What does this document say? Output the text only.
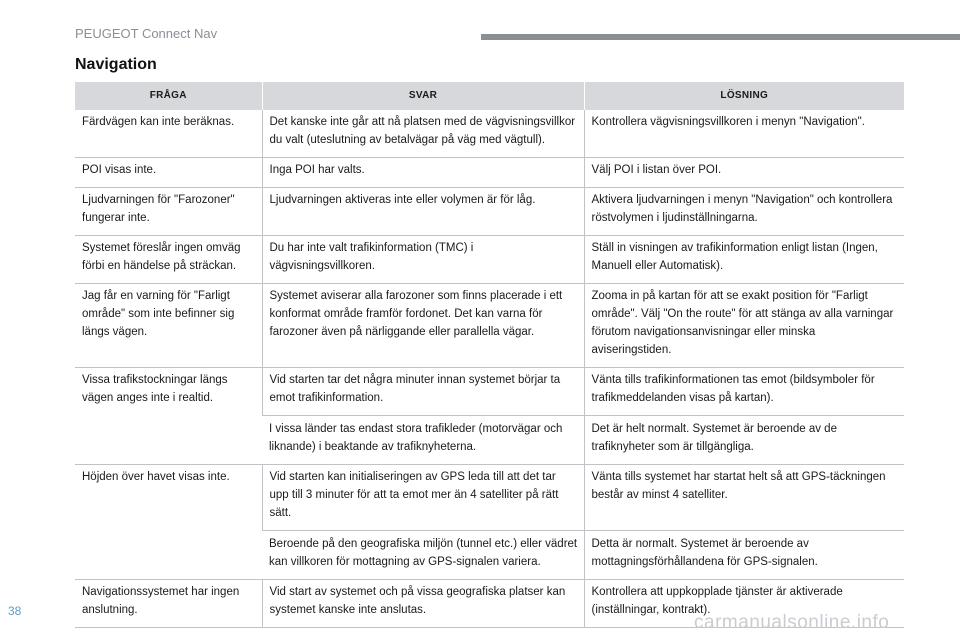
PEUGEOT Connect Nav
Navigation
FRÅGA	SVAR	LÖSNING
Färdvägen kan inte beräknas.	Det kanske inte går att nå platsen med de vägvisningsvillkor du valt (uteslutning av betalvägar på väg med vägtull).	Kontrollera vägvisningsvillkoren i menyn "Navigation".
POI visas inte.	Inga POI har valts.	Välj POI i listan över POI.
Ljudvarningen för "Farozoner" fungerar inte.	Ljudvarningen aktiveras inte eller volymen är för låg.	Aktivera ljudvarningen i menyn "Navigation" och kontrollera röstvolymen i ljudinställningarna.
Systemet föreslår ingen omväg förbi en händelse på sträckan.	Du har inte valt trafikinformation (TMC) i vägvisningsvillkoren.	Ställ in visningen av trafikinformation enligt listan (Ingen, Manuell eller Automatisk).
Jag får en varning för "Farligt område" som inte befinner sig längs vägen.	Systemet aviserar alla farozoner som finns placerade i ett konformat område framför fordonet. Det kan varna för farozoner även på närliggande eller parallella vägar.	Zooma in på kartan för att se exakt position för "Farligt område". Välj "On the route" för att stänga av alla varningar förutom navigationsanvisningar eller minska aviseringstiden.
Vissa trafikstockningar längs vägen anges inte i realtid.	Vid starten tar det några minuter innan systemet börjar ta emot trafikinformation.	Vänta tills trafikinformationen tas emot (bildsymboler för trafikmeddelanden visas på kartan).
	I vissa länder tas endast stora trafikleder (motorvägar och liknande) i beaktande av trafiknyheterna.	Det är helt normalt. Systemet är beroende av de trafiknyheter som är tillgängliga.
Höjden över havet visas inte.	Vid starten kan initialiseringen av GPS leda till att det tar upp till 3 minuter för att ta emot mer än 4 satelliter på rätt sätt.	Vänta tills systemet har startat helt så att GPS-täckningen består av minst 4 satelliter.
	Beroende på den geografiska miljön (tunnel etc.) eller vädret kan villkoren för mottagning av GPS-signalen variera.	Detta är normalt. Systemet är beroende av mottagningsförhållandena för GPS-signalen.
Navigationssystemet har ingen anslutning.	Vid start av systemet och på vissa geografiska platser kan systemet kanske inte anslutas.	Kontrollera att uppkopplade tjänster är aktiverade (inställningar, kontrakt).
38
carmanualsonline.info
